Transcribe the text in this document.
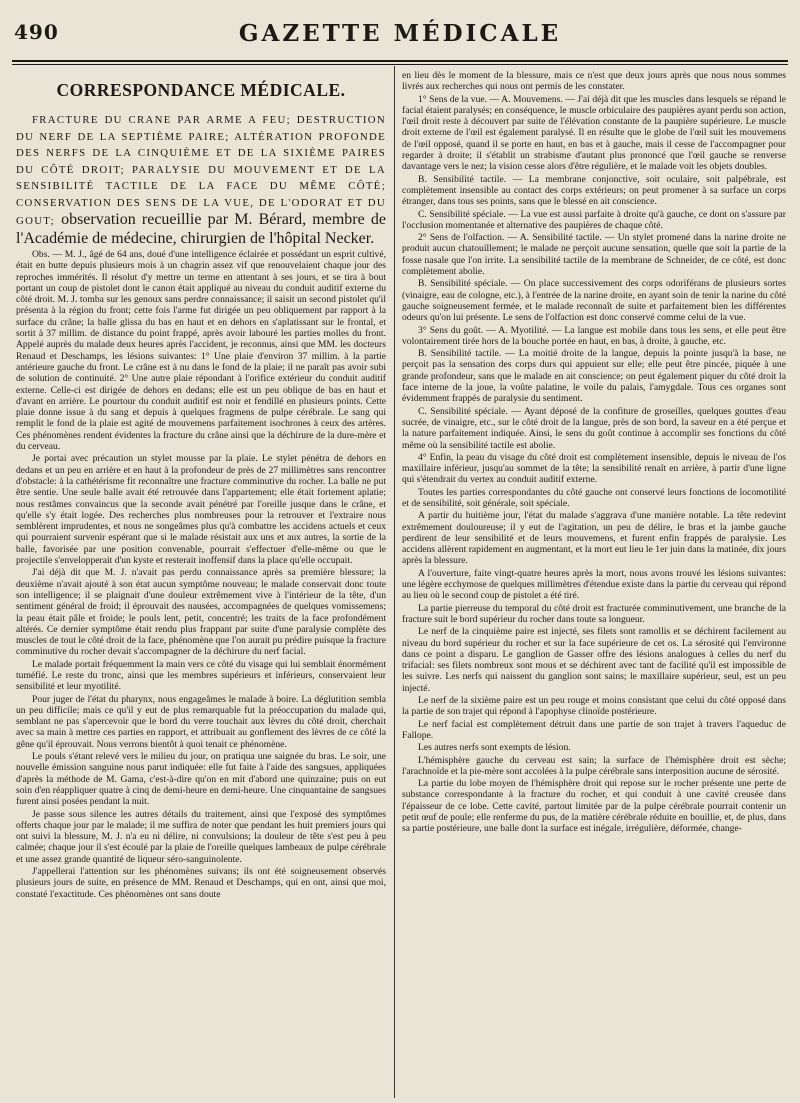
490	GAZETTE MÉDICALE
CORRESPONDANCE MÉDICALE.

FRACTURE DU CRANE PAR ARME A FEU; DESTRUCTION DU NERF DE LA SEPTIÈME PAIRE; ALTÉRATION PROFONDE DES NERFS DE LA CINQUIÈME ET DE LA SIXIÈME PAIRES DU CÔTÉ DROIT; PARALYSIE DU MOUVEMENT ET DE LA SENSIBILITÉ TACTILE DE LA FACE DU MÊME CÔTÉ; CONSERVATION DES SENS DE LA VUE, DE L'ODORAT ET DU GOUT; observation recueillie par M. Bérard, membre de l'Académie de médecine, chirurgien de l'hôpital Necker.

Obs. — M. J., âgé de 64 ans, doué d'une intelligence éclairée et possédant un esprit cultivé, était en butte depuis plusieurs mois à un chagrin assez vif que renouvelaient chaque jour des reproches immérités. Il résolut d'y mettre un terme en attentant à ses jours, et se tira à bout portant un coup de pistolet dont le canon était appliqué au niveau du conduit auditif externe du côté droit. M. J. tomba sur les genoux sans perdre connaissance; il saisit un second pistolet qu'il présenta à la région du front; cette fois l'arme fut dirigée un peu obliquement par rapport à la surface du crâne; la balle glissa du bas en haut et en dehors en s'aplatissant sur le frontal, et sortit à 37 millim. de distance du point frappé, après avoir labouré les parties molles du front. Appelé auprès du malade deux heures après l'accident, je reconnus, ainsi que MM. les docteurs Renaud et Deschamps, les lésions suivantes: 1° Une plaie d'environ 37 millim. à la partie antérieure gauche du front. Le crâne est à nu dans le fond de la plaie; il ne paraît pas avoir subi de solution de continuité. 2° Une autre plaie répondant à l'orifice extérieur du conduit auditif externe. Celle-ci est dirigée de dehors en dedans; elle est un peu oblique de bas en haut et d'avant en arrière. Le pourtour du conduit auditif est noir et fendillé en plusieurs points. Cette plaie donne issue à du sang et depuis à quelques fragmens de pulpe cérébrale. Le sang qui remplit le fond de la plaie est agité de mouvemens parfaitement isochrones à ceux des artères. Ces phénomènes rendent évidentes la fracture du crâne ainsi que la déchirure de la dure-mère et du cerveau.

Je portai avec précaution un stylet mousse par la plaie. Le stylet pénétra de dehors en dedans et un peu en arrière et en haut à la profondeur de près de 27 millimètres sans rencontrer d'obstacle: à la cathétérisme fit reconnaître une fracture comminutive du rocher. La balle ne put être sentie. Une seule balle avait été retrouvée dans l'appartement; elle était fortement aplatie; nous restâmes convaincus que la seconde avait pénétré par l'oreille jusque dans le crâne, et qu'elle s'y était logée. Des recherches plus nombreuses pour la retrouver et l'extraire nous semblèrent imprudentes, et nous ne songeâmes plus qu'à combattre les accidens actuels et ceux qui pourraient survenir espérant que si le malade résistait aux uns et aux autres, la sortie de la balle, favorisée par une position convenable, pourrait s'effectuer d'elle-même ou que le projectile s'envelopperait d'un kyste et resterait inoffensif dans la place qu'elle occupait.

J'ai déjà dit que M. J. n'avait pas perdu connaissance après sa première blessure; la deuxième n'avait ajouté à son état aucun symptôme nouveau; le malade conservait donc toute son intelligence; il se plaignait d'une douleur extrêmement vive à l'intérieur de la tête, d'un sentiment général de froid; il éprouvait des nausées, accompagnées de quelques vomissemens; la peau était pâle et froide; le pouls lent, petit, concentré; les traits de la face profondément altérés. Ce dernier symptôme était rendu plus frappant par suite d'une paralysie complète des muscles de tout le côté droit de la face, phénomène que l'on aurait pu prédire puisque la fracture comminutive du rocher devait s'accompagner de la déchirure du nerf facial.

Le malade portait fréquemment la main vers ce côté du visage qui lui semblait énormément tuméfié. Le reste du tronc, ainsi que les membres supérieurs et inférieurs, conservaient leur sensibilité et leur myotilité.

Pour juger de l'état du pharynx, nous engageâmes le malade à boire. La déglutition sembla un peu difficile; mais ce qu'il y eut de plus remarquable fut la préoccupation du malade qui, semblant ne pas s'apercevoir que le bord du verre touchait aux lèvres du côté droit, cherchait avec sa main à mettre ces parties en rapport, et attribuait au gonflement des lèvres de ce côté la gêne qu'il éprouvait. Nous verrons bientôt à quoi tenait ce phénomène.

Le pouls s'étant relevé vers le milieu du jour, on pratiqua une saignée du bras. Le soir, une nouvelle émission sanguine nous parut indiquée: elle fut faite à l'aide des sangsues, appliquées d'après la méthode de M. Gama, c'est-à-dire qu'on en mit d'abord une quinzaine; puis on eut soin d'en réappliquer quatre à cinq de demi-heure en demi-heure. Une cinquantaine de sangsues furent ainsi posées pendant la nuit.

Je passe sous silence les autres détails du traitement, ainsi que l'exposé des symptômes offerts chaque jour par le malade; il me suffira de noter que pendant les huit premiers jours qui ont suivi la blessure, M. J. n'a eu ni délire, ni convulsions; la douleur de tête s'est peu à peu calmée; chaque jour il s'est écoulé par la plaie de l'oreille quelques lambeaux de pulpe cérébrale et une assez grande quantité de liqueur séro-sanguinolente.

J'appellerai l'attention sur les phénomènes suivans; ils ont été soigneusement observés plusieurs jours de suite, en présence de MM. Renaud et Deschamps, qui en ont, ainsi que moi, constaté l'exactitude. Ces phénomènes ont sans doute

en lieu dès le moment de la blessure, mais ce n'est que deux jours après que nous nous sommes livrés aux recherches qui nous ont permis de les constater.

1° Sens de la vue. — A. Mouvemens. — J'ai déjà dit que les muscles dans lesquels se répand le facial étaient paralysés; en conséquence, le muscle orbiculaire des paupières ayant perdu son action, l'œil droit reste à découvert par suite de l'élévation constante de la paupière supérieure. Le muscle droit externe de l'œil est également paralysé. Il en résulte que le globe de l'œil suit les mouvemens de l'œil opposé, quand il se porte en haut, en bas et à gauche, mais il cesse de l'accompagner pour regarder à droite; il s'établit un strabisme d'autant plus prononcé que l'œil gauche se renverse davantage vers le nez; la vision cesse alors d'être régulière, et le malade voit les objets doubles.

B. Sensibilité tactile. — La membrane conjonctive, soit oculaire, soit palpébrale, est complètement insensible au contact des corps extérieurs; on peut promener à sa surface un corps étranger, dans tous ses points, sans que le blessé en ait conscience.

C. Sensibilité spéciale. — La vue est aussi parfaite à droite qu'à gauche, ce dont on s'assure par l'occlusion momentanée et alternative des paupières de chaque côté.

2° Sens de l'olfaction. — A. Sensibilité tactile. — Un stylet promené dans la narine droite ne produit aucun chatouillement; le malade ne perçoit aucune sensation, quelle que soit la partie de la fosse nasale que l'on irrite. La sensibilité tactile de la membrane de Schneider, de ce côté, est donc complètement abolie.

B. Sensibilité spéciale. — On place successivement des corps odoriférans de plusieurs sortes (vinaigre, eau de cologne, etc.), à l'entrée de la narine droite, en ayant soin de tenir la narine du côté gauche soigneusement fermée, et le malade reconnaît de suite et parfaitement bien les différentes odeurs qu'on lui présente. Le sens de l'olfaction est donc conservé comme celui de la vue.

3° Sens du goût. — A. Myotilité. — La langue est mobile dans tous les sens, et elle peut être volontairement tirée hors de la bouche portée en haut, en bas, à droite, à gauche, etc.

B. Sensibilité tactile. — La moitié droite de la langue, depuis la pointe jusqu'à la base, ne perçoit pas la sensation des corps durs qui appuient sur elle; elle peut être pincée, piquée à une grande profondeur, sans que le malade en ait conscience; on peut également piquer du côté droit la face interne de la joue, la voûte palatine, le voile du palais, l'amygdale. Tous ces organes sont évidemment frappés de paralysie du sentiment.

C. Sensibilité spéciale. — Ayant déposé de la confiture de groseilles, quelques gouttes d'eau sucrée, de vinaigre, etc., sur le côté droit de la langue, près de son bord, la saveur en a été perçue et la nature parfaitement indiquée. Ainsi, le sens du goût continue à accomplir ses fonctions du côté même où la sensibilité tactile est abolie.

4° Enfin, la peau du visage du côté droit est complètement insensible, depuis le niveau de l'os maxillaire inférieur, jusqu'au sommet de la tête; la sensibilité renaît en arrière, à partir d'une ligne qui s'étendrait du vertex au conduit auditif externe.

Toutes les parties correspondantes du côté gauche ont conservé leurs fonctions de locomotilité et de sensibilité, soit générale, soit spéciale.

A partir du huitième jour, l'état du malade s'aggrava d'une manière notable. La tête redevint extrêmement douloureuse; il y eut de l'agitation, un peu de délire, le bras et la jambe gauche perdirent de leur sensibilité et de leurs mouvemens, et furent enfin frappés de paralysie. Les accidens allèrent rapidement en augmentant, et la mort eut lieu le 1er juin dans la matinée, dix jours après la blessure.

A l'ouverture, faite vingt-quatre heures après la mort, nous avons trouvé les lésions suivantes: une légère ecchymose de quelques millimètres d'étendue existe dans la partie du cerveau qui répond au lieu où le second coup de pistolet a été tiré.

La partie pierreuse du temporal du côté droit est fracturée comminutivement, une branche de la fracture suit le bord supérieur du rocher dans toute sa longueur.

Le nerf de la cinquième paire est injecté, ses filets sont ramollis et se déchirent facilement au niveau du bord supérieur du rocher et sur la face supérieure de cet os. La sérosité qui l'environne dans ce point a disparu. Le ganglion de Gasser offre des lésions analogues à celles du nerf du trifacial: ses filets nombreux sont mous et se déchirent avec tant de facilité qu'il est impossible de les suivre. Les nerfs qui naissent du ganglion sont sains; le maxillaire supérieur, seul, est un peu injecté.

Le nerf de la sixième paire est un peu rouge et moins consistant que celui du côté opposé dans la partie de son trajet qui répond à l'apophyse clinoïde postérieure.

Le nerf facial est complètement détruit dans une partie de son trajet à travers l'aqueduc de Fallope.

Les autres nerfs sont exempts de lésion.

L'hémisphère gauche du cerveau est sain; la surface de l'hémisphère droit est sèche; l'arachnoïde et la pie-mère sont accolées à la pulpe cérébrale sans interposition aucune de sérosité.

La partie du lobe moyen de l'hémisphère droit qui repose sur le rocher présente une perte de substance correspondante à la fracture du rocher, et qui conduit à une cavité creusée dans l'épaisseur de ce lobe. Cette cavité, partout limitée par de la pulpe cérébrale pourrait contenir un petit œuf de poule; elle renferme du pus, de la matière cérébrale réduite en bouillie, et, de plus, dans sa partie postérieure, une balle dont la surface est inégale, irrégulière, déformée, change-
